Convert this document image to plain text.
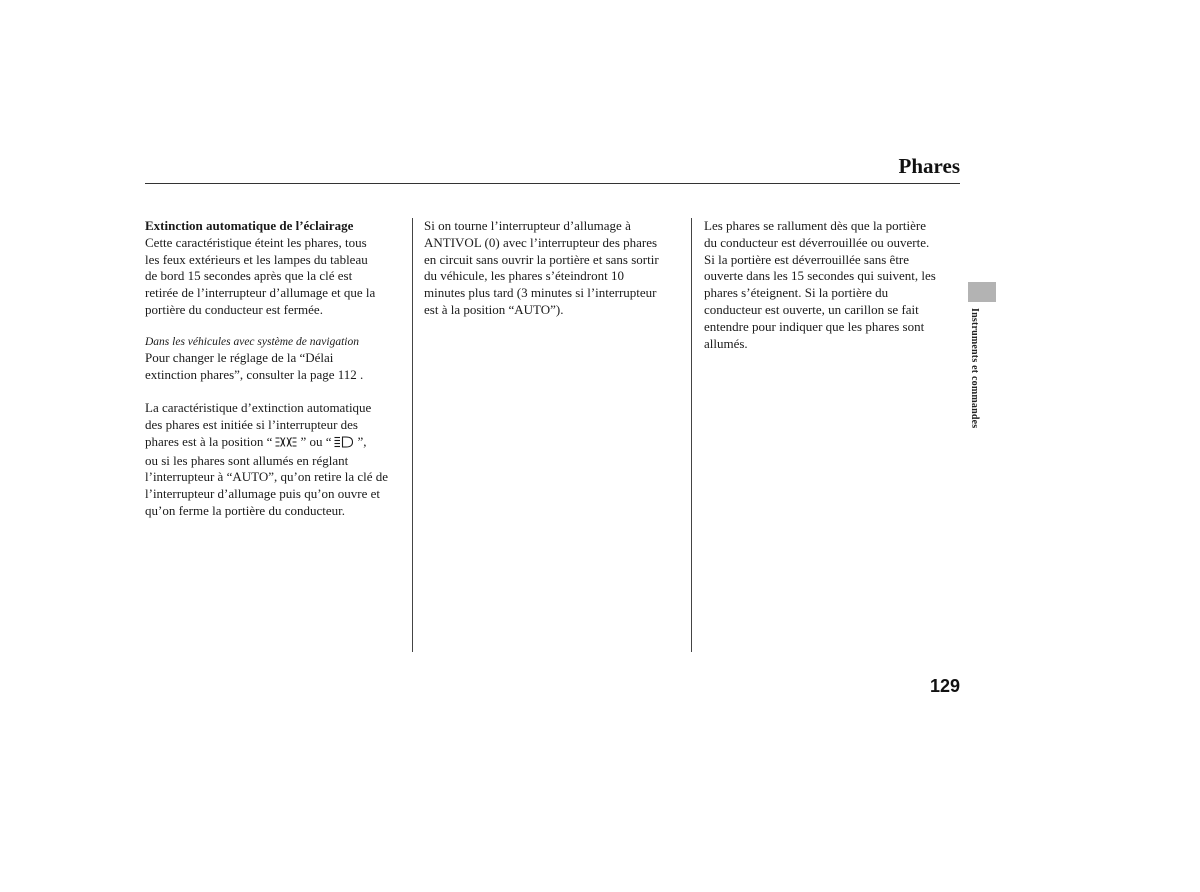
Phares

Extinction automatique de l’éclairage

Cette caractéristique éteint les phares, tous
les feux extérieurs et les lampes du tableau
de bord 15 secondes après que la clé est
retirée de l’interrupteur d’allumage et que la
portière du conducteur est fermée.

Dans les véhicules avec système de navigation

Pour changer le réglage de la “Délai
extinction phares”, consulter la page 112 .

La caractéristique d’extinction automatique
des phares est initiée si l’interrupteur des
phares est à la position “ ” ou “ ”,
ou si les phares sont allumés en réglant
l’interrupteur à “AUTO”, qu’on retire la clé de
l’interrupteur d’allumage puis qu’on ouvre et
qu’on ferme la portière du conducteur.

Si on tourne l’interrupteur d’allumage à
ANTIVOL (0) avec l’interrupteur des phares
en circuit sans ouvrir la portière et sans sortir
du véhicule, les phares s’éteindront 10
minutes plus tard (3 minutes si l’interrupteur
est à la position “AUTO”).

Les phares se rallument dès que la portière
du conducteur est déverrouillée ou ouverte.
Si la portière est déverrouillée sans être
ouverte dans les 15 secondes qui suivent, les
phares s’éteignent. Si la portière du
conducteur est ouverte, un carillon se fait
entendre pour indiquer que les phares sont
allumés.	Instruments et commandes
129
